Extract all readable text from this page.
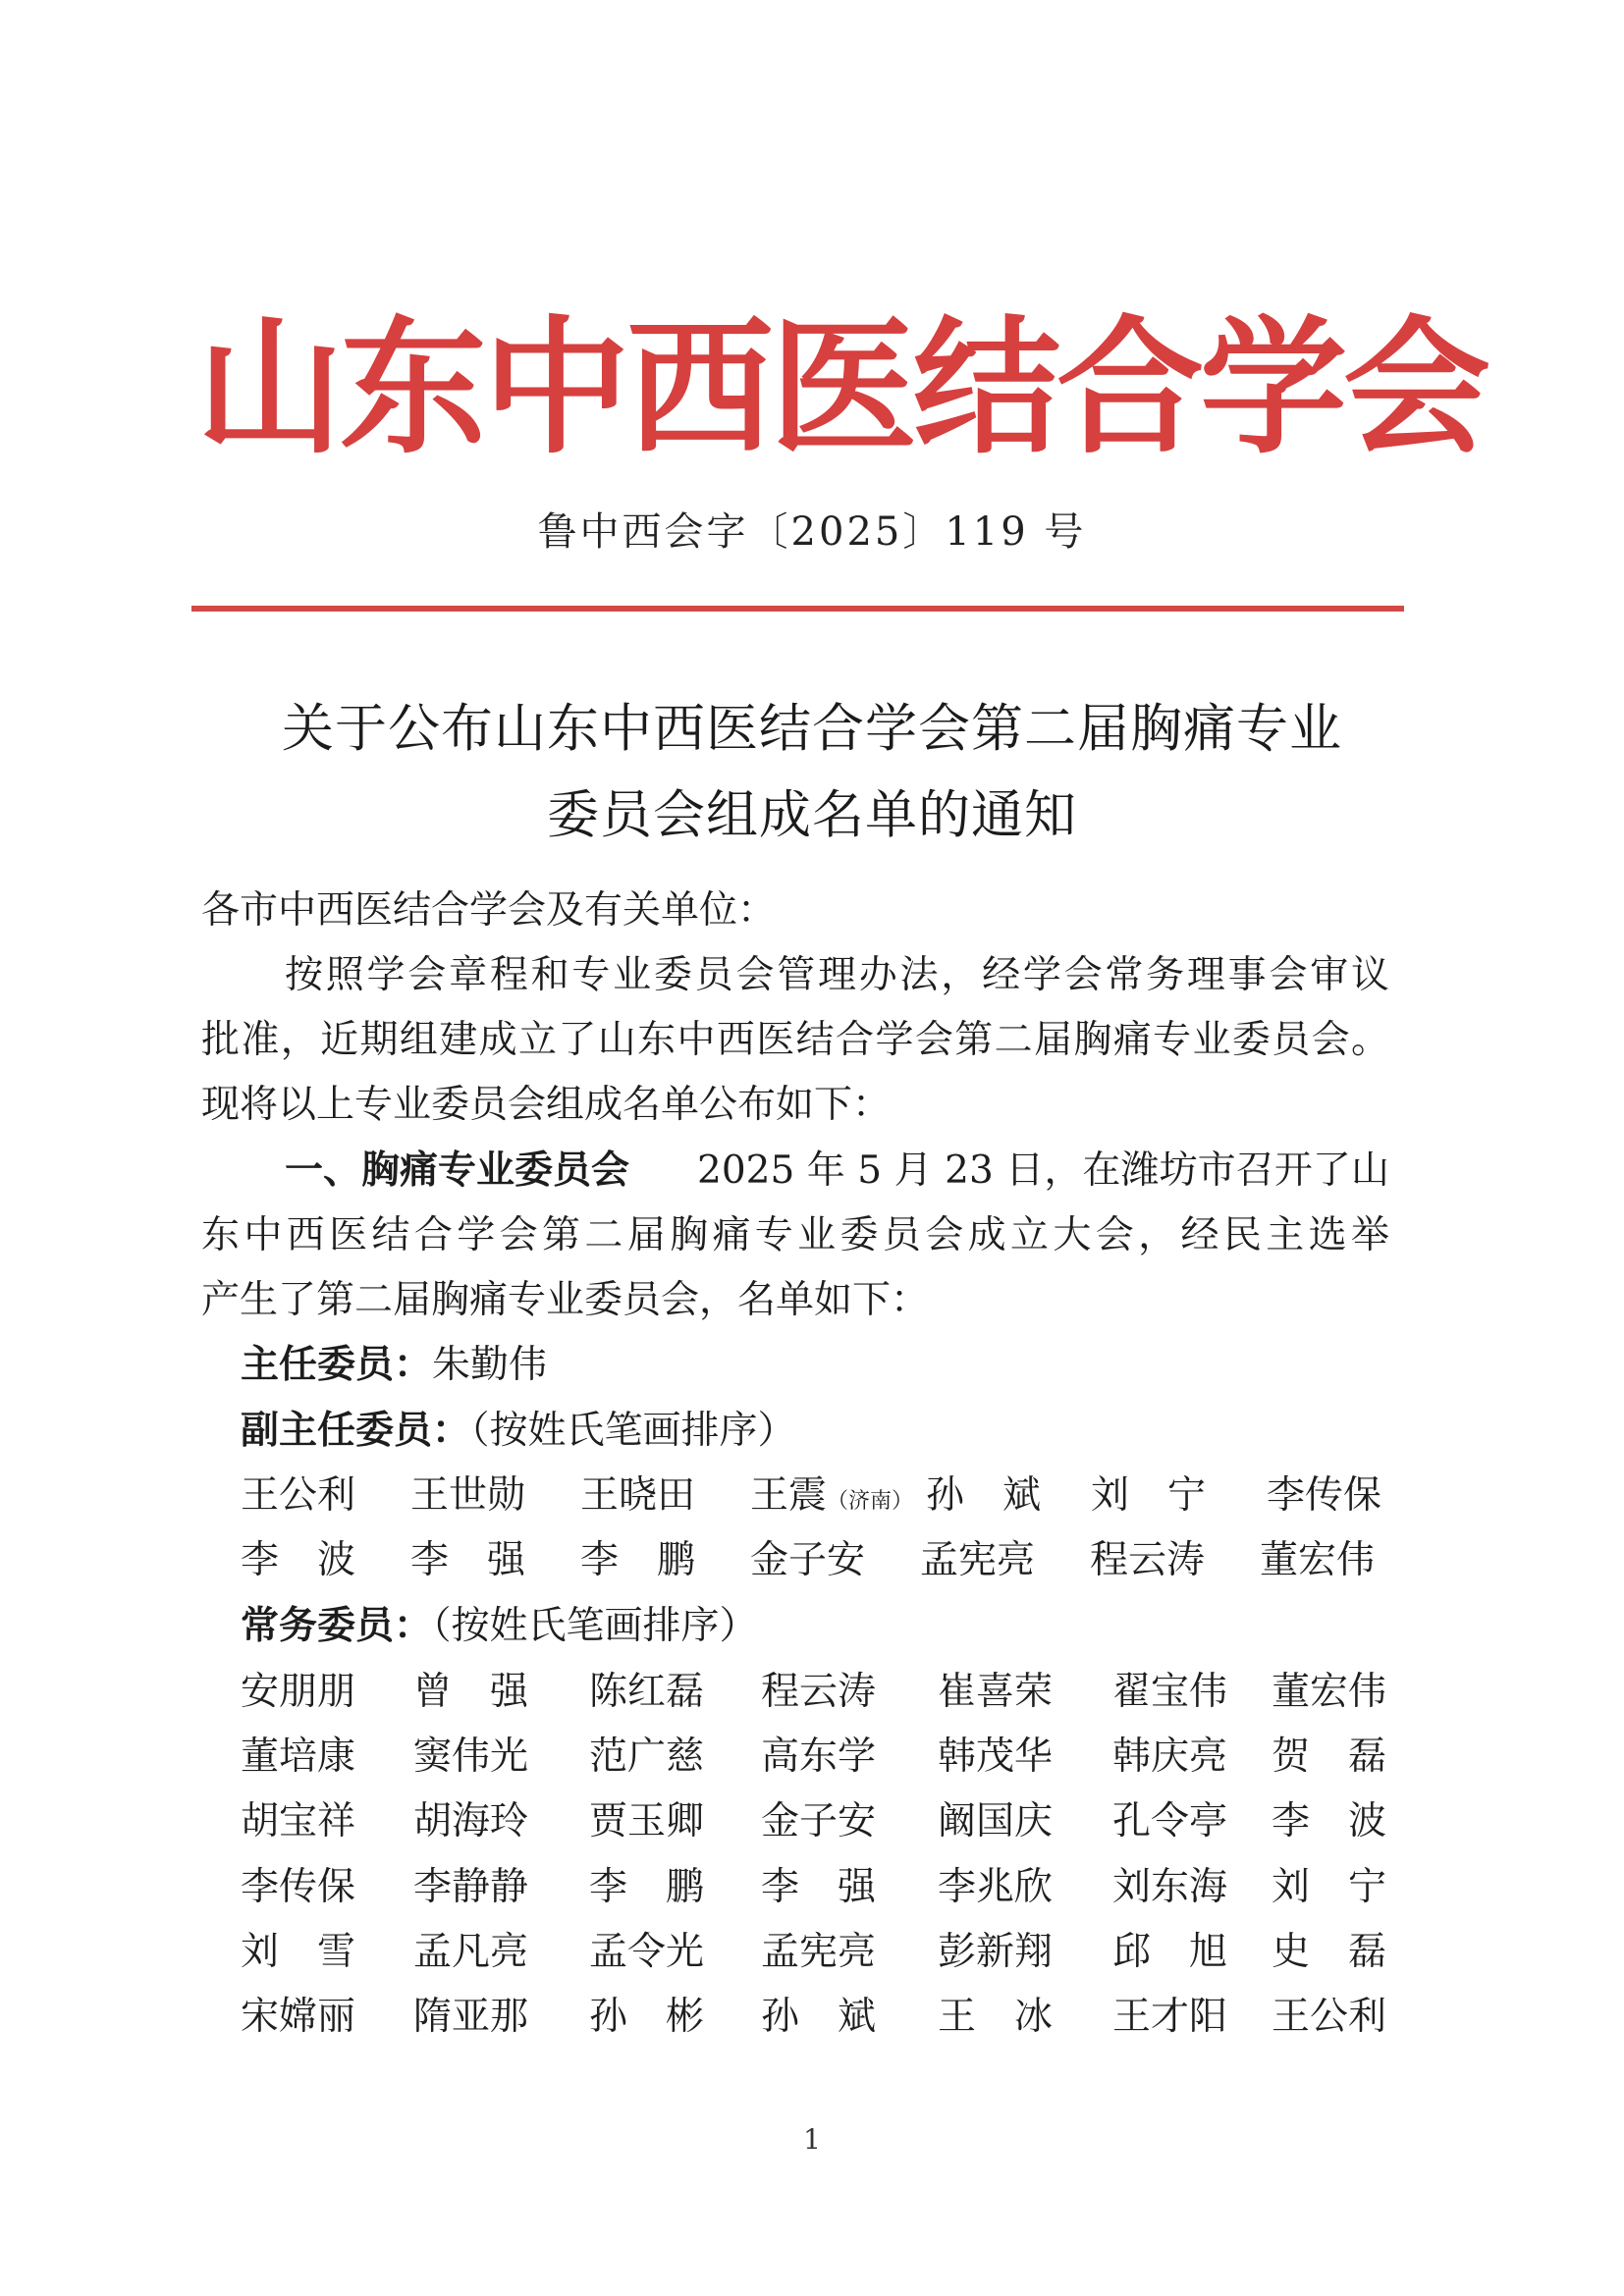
山东中西医结合学会
鲁中西会字〔2025〕119 号
关于公布山东中西医结合学会第二届胸痛专业
委员会组成名单的通知
各市中西医结合学会及有关单位：
按照学会章程和专业委员会管理办法，经学会常务理事会审议
批准，近期组建成立了山东中西医结合学会第二届胸痛专业委员会。
现将以上专业委员会组成名单公布如下：
一、胸痛专业委员会 2025 年 5 月 23 日，在潍坊市召开了山
东中西医结合学会第二届胸痛专业委员会成立大会，经民主选举
产生了第二届胸痛专业委员会，名单如下：
主任委员：朱勤伟
副主任委员：（按姓氏笔画排序）
王公利 王世勋 王晓田 王震（济南） 孙　斌 刘　宁 李传保
李　波 李　强 李　鹏 金子安 孟宪亮 程云涛 董宏伟
常务委员：（按姓氏笔画排序）
安朋朋 曾　强 陈红磊 程云涛 崔喜荣 翟宝伟 董宏伟
董培康 窦伟光 范广慈 高东学 韩茂华 韩庆亮 贺　磊
胡宝祥 胡海玲 贾玉卿 金子安 阚国庆 孔令亭 李　波
李传保 李静静 李　鹏 李　强 李兆欣 刘东海 刘　宁
刘　雪 孟凡亮 孟令光 孟宪亮 彭新翔 邱　旭 史　磊
宋嫦丽 隋亚那 孙　彬 孙　斌 王　冰 王才阳 王公利
1
